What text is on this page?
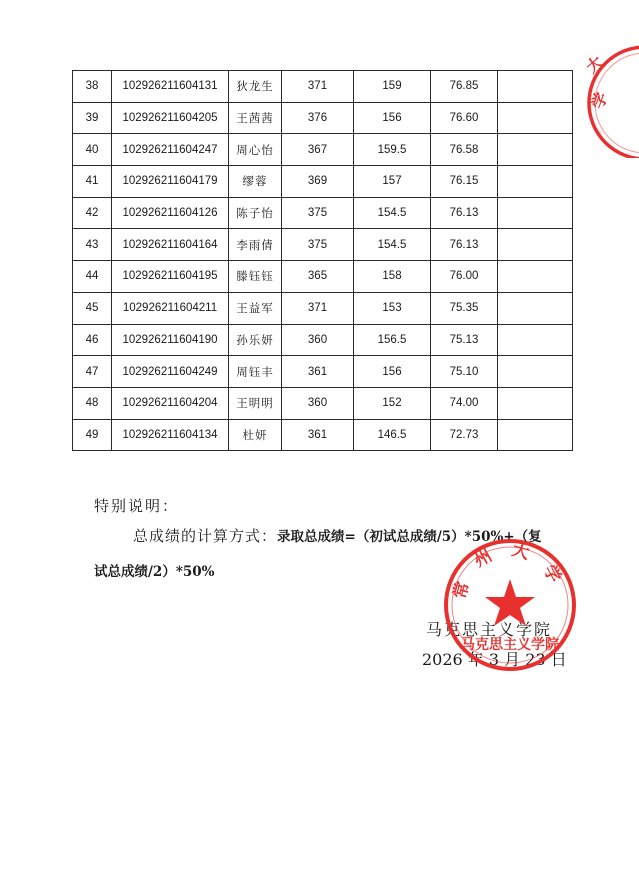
大
学
◦
38	102926211604131	狄龙生	371	159	76.85	
39	102926211604205	王茜茜	376	156	76.60	
40	102926211604247	周心怡	367	159.5	76.58	
41	102926211604179	缪蓉	369	157	76.15	
42	102926211604126	陈子怡	375	154.5	76.13	
43	102926211604164	李雨倩	375	154.5	76.13	
44	102926211604195	滕钰钰	365	158	76.00	
45	102926211604211	王益军	371	153	75.35	
46	102926211604190	孙乐妍	360	156.5	75.13	
47	102926211604249	周钰丰	361	156	75.10	
48	102926211604204	王明明	360	152	74.00	
49	102926211604134	杜妍	361	146.5	72.73	
特别说明：
总成绩的计算方式：录取总成绩=（初试总成绩/5）*50%+（复
试总成绩/2）*50%
马克思主义学院
2026 年 3 月 23 日
常 州 大 学
马克思主义学院
